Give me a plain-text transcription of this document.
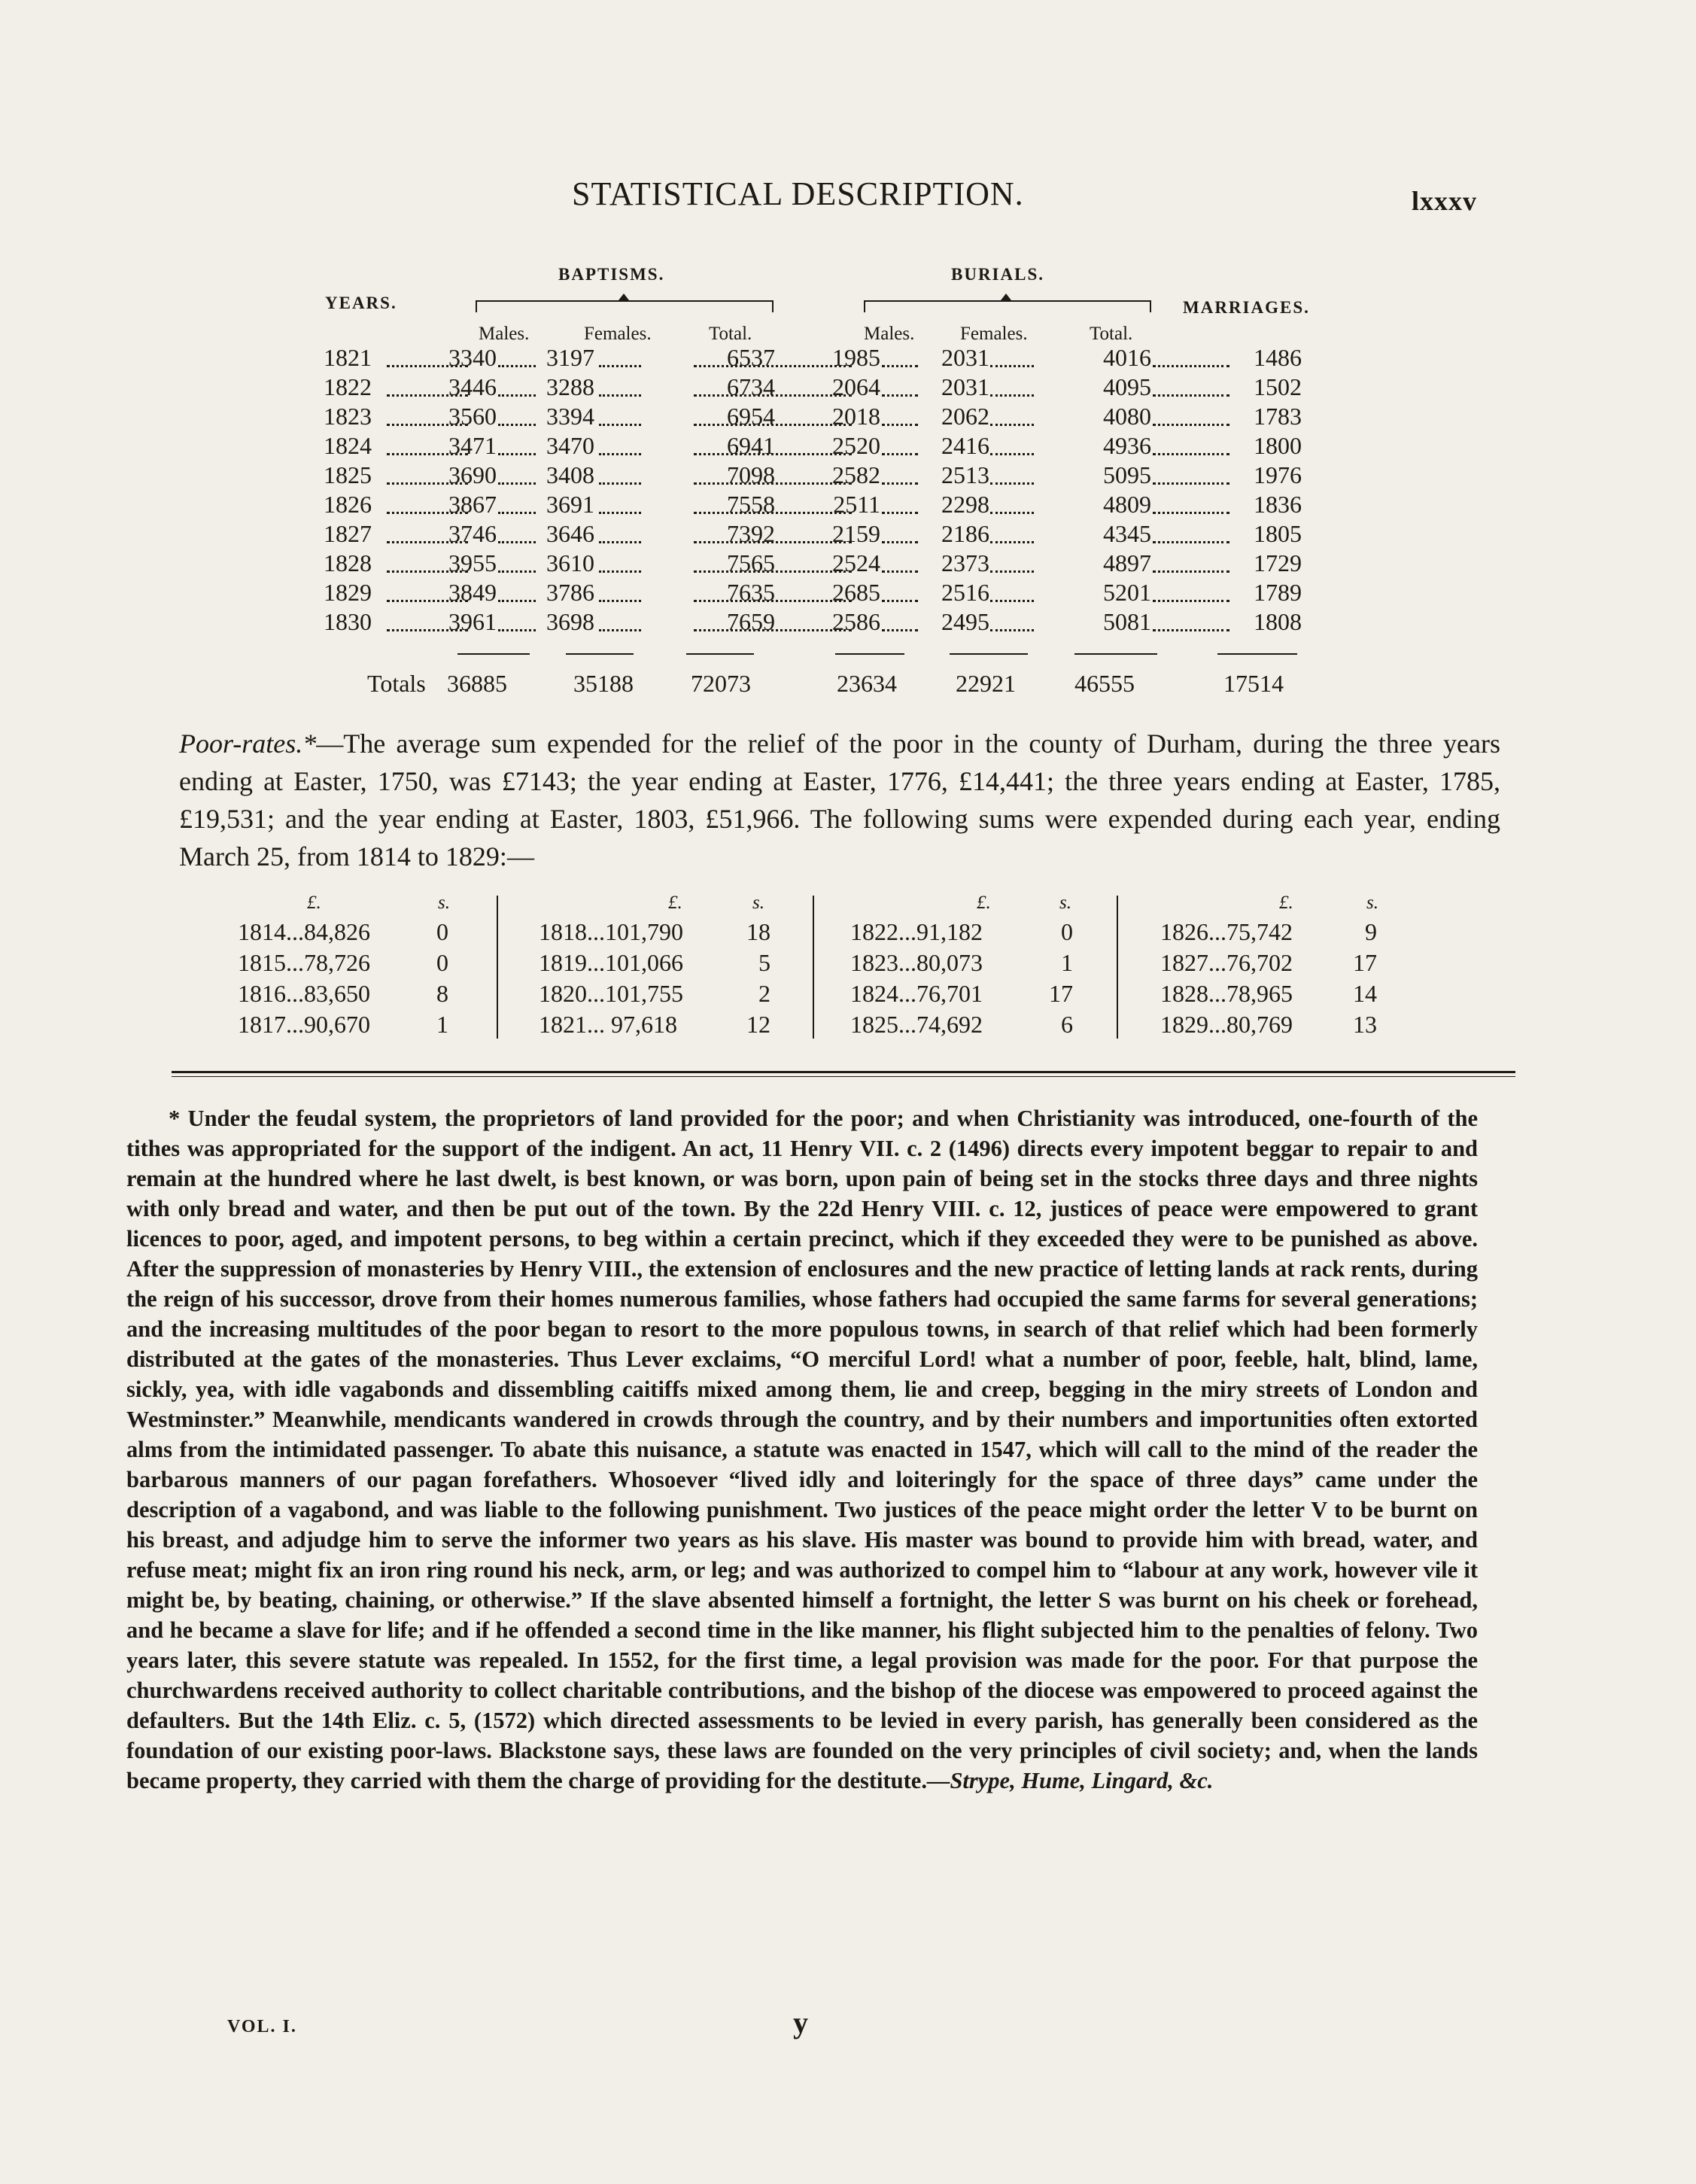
STATISTICAL DESCRIPTION.	lxxxv
BAPTISMS.	BURIALS.
YEARS.	MARRIAGES.
Males.	Females.	Total.	Males. Females.	Total.
1821	3340 3197	6537 1985	2031	4016	1486
1822	3446 3288	6734 2064	2031	4095	1502
1823	3560 3394	6954 2018	2062	4080	1783
1824	3471 3470	6941 2520	2416	4936	1800
1825	3690 3408	7098 2582	2513	5095	1976
1826	3867 3691	7558 2511	2298	4809	1836
1827	3746 3646	7392 2159	2186	4345	1805
1828	3955 3610	7565 2524	2373	4897	1729
1829	3849 3786	7635 2685	2516	5201	1789
1830	3961 3698	7659 2586	2495	5081	1808
Totals 36885	35188 72073	23634 22921 46555	17514
Poor-rates.*—The average sum expended for the relief of the poor in the county of Durham, during the three years ending at Easter, 1750, was £7143; the year ending at Easter, 1776, £14,441; the three years ending at Easter, 1785, £19,531; and the year ending at Easter, 1803, £51,966. The following sums were expended during each year, ending March 25, from 1814 to 1829:—
£.	s.
1814...84,826	0
1815...78,726	0
1816...83,650	8
1817...90,670	1
£.	s.
1818...101,790	18
1819...101,066	5
1820...101,755	2
1821... 97,618	12
£.	s.
1822...91,182	0
1823...80,073	1
1824...76,701	17
1825...74,692	6
£.	s.
1826...75,742	9
1827...76,702	17
1828...78,965	14
1829...80,769	13

* Under the feudal system, the proprietors of land provided for the poor; and when Christianity was introduced, one-fourth of the tithes was appropriated for the support of the indigent. An act, 11 Henry VII. c. 2 (1496) directs every impotent beggar to repair to and remain at the hundred where he last dwelt, is best known, or was born, upon pain of being set in the stocks three days and three nights with only bread and water, and then be put out of the town. By the 22d Henry VIII. c. 12, justices of peace were empowered to grant licences to poor, aged, and impotent persons, to beg within a certain precinct, which if they exceeded they were to be punished as above. After the suppression of monasteries by Henry VIII., the extension of enclosures and the new practice of letting lands at rack rents, during the reign of his successor, drove from their homes numerous families, whose fathers had occupied the same farms for several generations; and the increasing multitudes of the poor began to resort to the more populous towns, in search of that relief which had been formerly distributed at the gates of the monasteries. Thus Lever exclaims, “O merciful Lord! what a number of poor, feeble, halt, blind, lame, sickly, yea, with idle vagabonds and dissembling caitiffs mixed among them, lie and creep, begging in the miry streets of London and Westminster.” Meanwhile, mendicants wandered in crowds through the country, and by their numbers and importunities often extorted alms from the intimidated passenger. To abate this nuisance, a statute was enacted in 1547, which will call to the mind of the reader the barbarous manners of our pagan forefathers. Whosoever “lived idly and loiteringly for the space of three days” came under the description of a vagabond, and was liable to the following punishment. Two justices of the peace might order the letter V to be burnt on his breast, and adjudge him to serve the informer two years as his slave. His master was bound to provide him with bread, water, and refuse meat; might fix an iron ring round his neck, arm, or leg; and was authorized to compel him to “labour at any work, however vile it might be, by beating, chaining, or otherwise.” If the slave absented himself a fortnight, the letter S was burnt on his cheek or forehead, and he became a slave for life; and if he offended a second time in the like manner, his flight subjected him to the penalties of felony. Two years later, this severe statute was repealed. In 1552, for the first time, a legal provision was made for the poor. For that purpose the churchwardens received authority to collect charitable contributions, and the bishop of the diocese was empowered to proceed against the defaulters. But the 14th Eliz. c. 5, (1572) which directed assessments to be levied in every parish, has generally been considered as the foundation of our existing poor-laws. Blackstone says, these laws are founded on the very principles of civil society; and, when the lands became property, they carried with them the charge of providing for the destitute.—Strype, Hume, Lingard, &c.

VOL. I.	y
